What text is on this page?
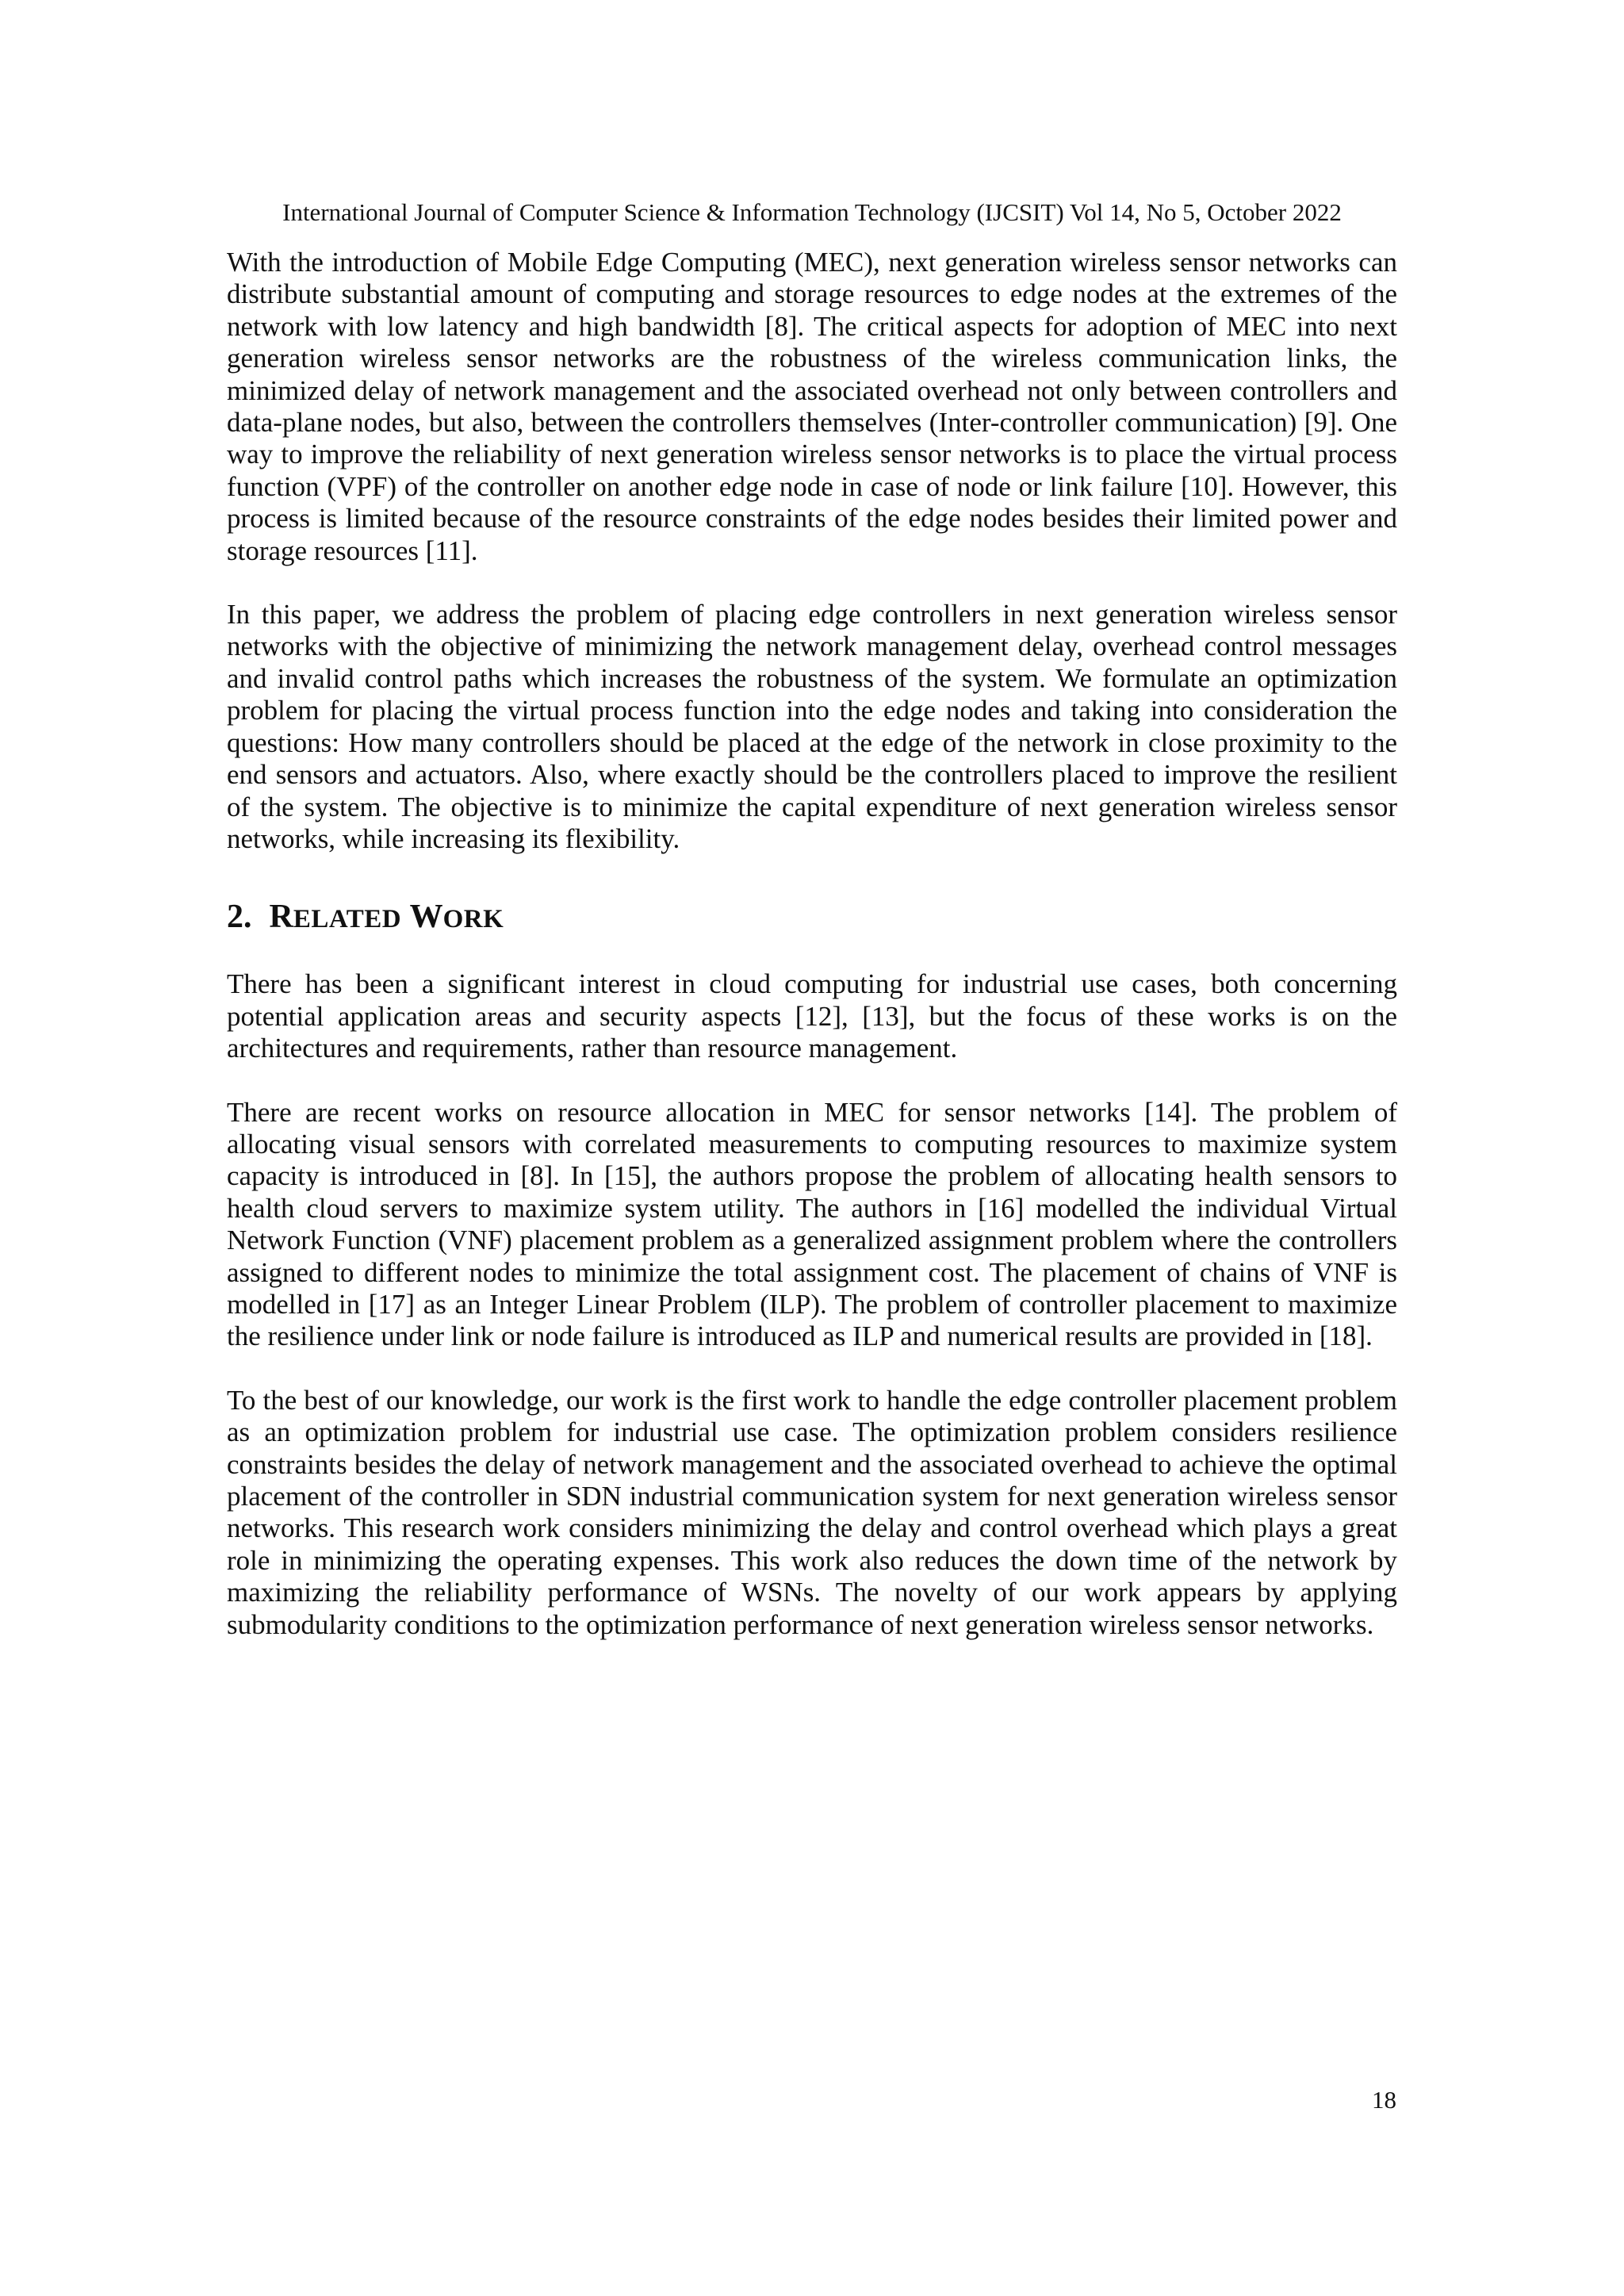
International Journal of Computer Science & Information Technology (IJCSIT) Vol 14, No 5, October 2022

With the introduction of Mobile Edge Computing (MEC), next generation wireless sensor networks can distribute substantial amount of computing and storage resources to edge nodes at the extremes of the network with low latency and high bandwidth [8]. The critical aspects for adoption of MEC into next generation wireless sensor networks are the robustness of the wireless communication links, the minimized delay of network management and the associated overhead not only between controllers and data-plane nodes, but also, between the controllers themselves (Inter-controller communication) [9]. One way to improve the reliability of next generation wireless sensor networks is to place the virtual process function (VPF) of the controller on another edge node in case of node or link failure [10]. However, this process is limited because of the resource constraints of the edge nodes besides their limited power and storage resources [11].

In this paper, we address the problem of placing edge controllers in next generation wireless sensor networks with the objective of minimizing the network management delay, overhead control messages and invalid control paths which increases the robustness of the system. We formulate an optimization problem for placing the virtual process function into the edge nodes and taking into consideration the questions: How many controllers should be placed at the edge of the network in close proximity to the end sensors and actuators. Also, where exactly should be the controllers placed to improve the resilient of the system. The objective is to minimize the capital expenditure of next generation wireless sensor networks, while increasing its flexibility.

2. RELATED WORK

There has been a significant interest in cloud computing for industrial use cases, both concerning potential application areas and security aspects [12], [13], but the focus of these works is on the architectures and requirements, rather than resource management.

There are recent works on resource allocation in MEC for sensor networks [14]. The problem of allocating visual sensors with correlated measurements to computing resources to maximize system capacity is introduced in [8]. In [15], the authors propose the problem of allocating health sensors to health cloud servers to maximize system utility. The authors in [16] modelled the individual Virtual Network Function (VNF) placement problem as a generalized assignment problem where the controllers assigned to different nodes to minimize the total assignment cost. The placement of chains of VNF is modelled in [17] as an Integer Linear Problem (ILP). The problem of controller placement to maximize the resilience under link or node failure is introduced as ILP and numerical results are provided in [18].

To the best of our knowledge, our work is the first work to handle the edge controller placement problem as an optimization problem for industrial use case. The optimization problem considers resilience constraints besides the delay of network management and the associated overhead to achieve the optimal placement of the controller in SDN industrial communication system for next generation wireless sensor networks. This research work considers minimizing the delay and control overhead which plays a great role in minimizing the operating expenses. This work also reduces the down time of the network by maximizing the reliability performance of WSNs. The novelty of our work appears by applying submodularity conditions to the optimization performance of next generation wireless sensor networks.

18
